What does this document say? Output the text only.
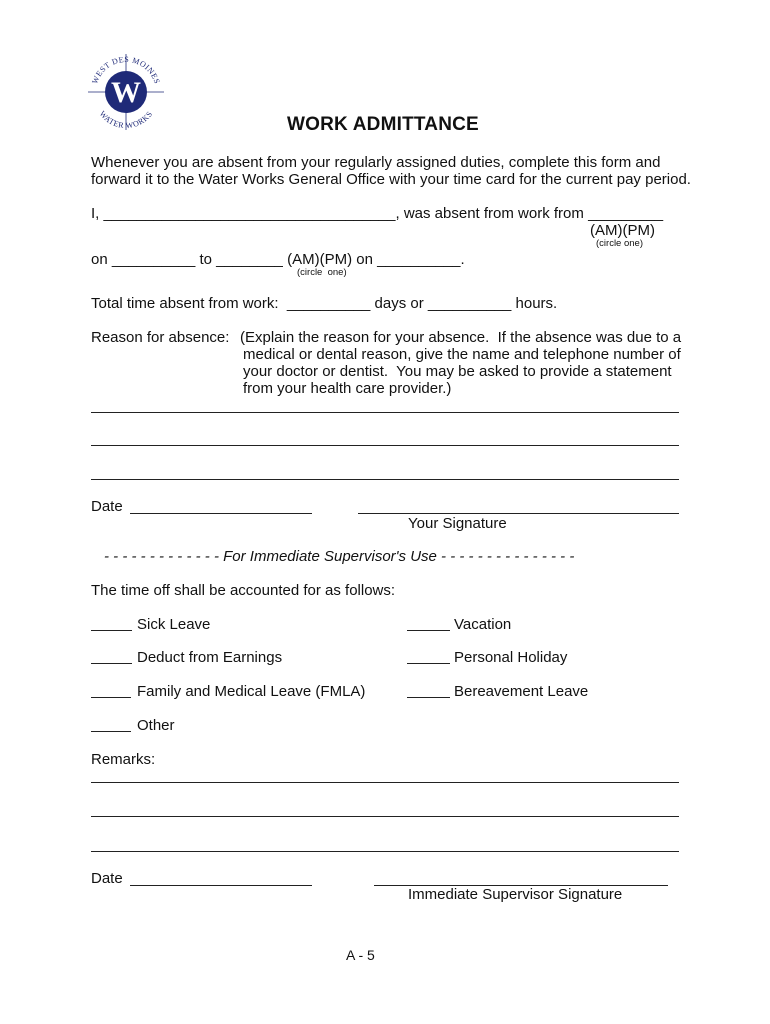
W
WEST DES MOINES
WATER WORKS	WORK ADMITTANCE
Whenever you are absent from your regularly assigned duties, complete this form and
forward it to the Water Works General Office with your time card for the current pay period.
I, ___________________________________, was absent from work from _________
(AM)(PM)
(circle one)
on __________ to ________ (AM)(PM) on __________.
(circle  one)
Total time absent from work: __________ days or __________ hours.
Reason for absence: (Explain the reason for your absence.  If the absence was due to a
medical or dental reason, give the name and telephone number of
your doctor or dentist.  You may be asked to provide a statement
from your health care provider.)
Date
Your Signature
- - - - - - - - - - - - - For Immediate Supervisor's Use - - - - - - - - - - - - - - -
The time off shall be accounted for as follows:
Sick Leave	Vacation
Deduct from Earnings	Personal Holiday
Family and Medical Leave (FMLA)	Bereavement Leave
Other
Remarks:
Date
Immediate Supervisor Signature
A - 5
